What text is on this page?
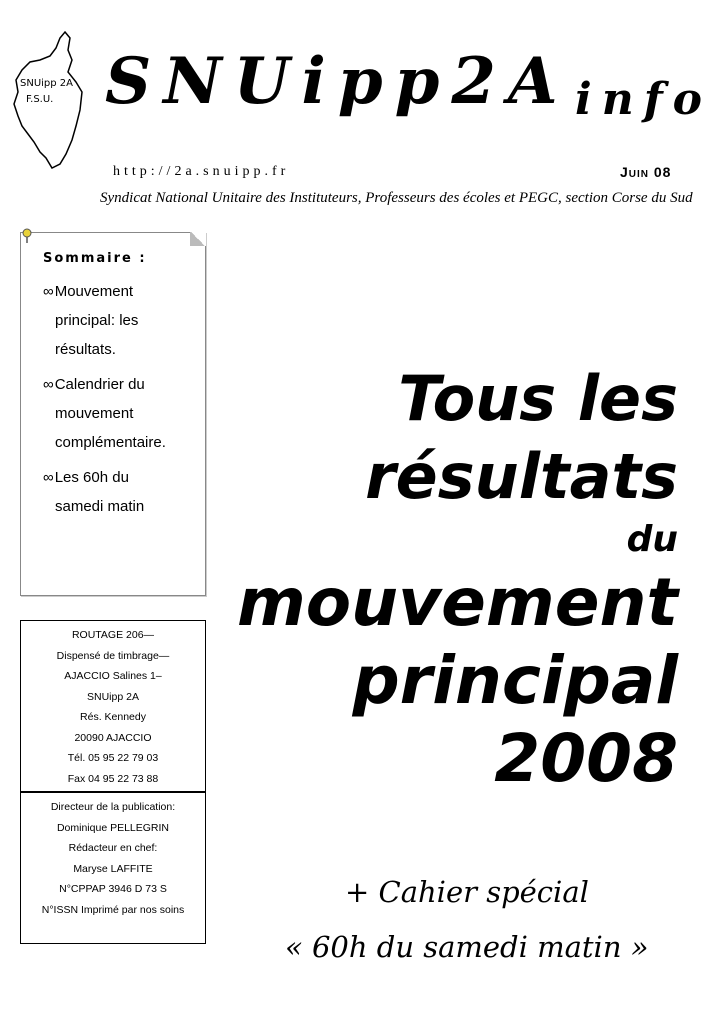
SNUipp 2A
F.S.U. SNUipp2A info
http://2a.snuipp.fr	Juin 08
Syndicat National Unitaire des Instituteurs, Professeurs des écoles et PEGC, section Corse du Sud
Sommaire :
∞Mouvement
principal: les
résultats.
∞Calendrier du
mouvement
complémentaire.
∞Les 60h du
samedi matin
ROUTAGE 206—
Dispensé de timbrage—
AJACCIO Salines 1–
SNUipp 2A
Rés. Kennedy
20090 AJACCIO
Tél. 05 95 22 79 03
Fax 04 95 22 73 88
Directeur de la publication:
Dominique PELLEGRIN
Rédacteur en chef:
Maryse LAFFITE
N°CPPAP 3946 D 73 S
N°ISSN Imprimé par nos soins
Tous les
résultats
du
mouvement
principal
2008
+ Cahier spécial
« 60h du samedi matin »
